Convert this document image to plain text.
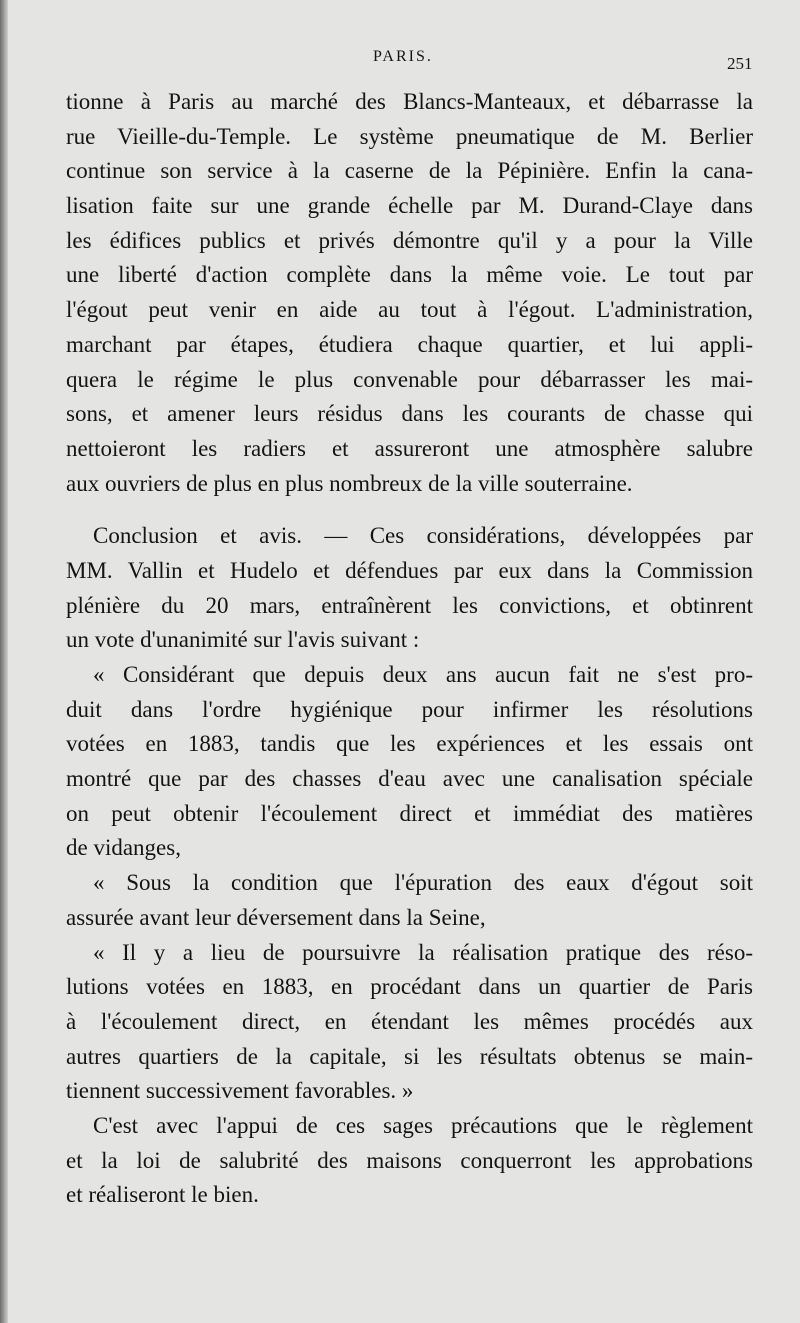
PARIS.	251
tionne à Paris au marché des Blancs-Manteaux, et débarrasse la
rue Vieille-du-Temple. Le système pneumatique de M. Berlier
continue son service à la caserne de la Pépinière. Enfin la cana-
lisation faite sur une grande échelle par M. Durand-Claye dans
les édifices publics et privés démontre qu'il y a pour la Ville
une liberté d'action complète dans la même voie. Le tout par
l'égout peut venir en aide au tout à l'égout. L'administration,
marchant par étapes, étudiera chaque quartier, et lui appli-
quera le régime le plus convenable pour débarrasser les mai-
sons, et amener leurs résidus dans les courants de chasse qui
nettoieront les radiers et assureront une atmosphère salubre
aux ouvriers de plus en plus nombreux de la ville souterraine.
Conclusion et avis. — Ces considérations, développées par
MM. Vallin et Hudelo et défendues par eux dans la Commission
plénière du 20 mars, entraînèrent les convictions, et obtinrent
un vote d'unanimité sur l'avis suivant :
« Considérant que depuis deux ans aucun fait ne s'est pro-
duit dans l'ordre hygiénique pour infirmer les résolutions
votées en 1883, tandis que les expériences et les essais ont
montré que par des chasses d'eau avec une canalisation spéciale
on peut obtenir l'écoulement direct et immédiat des matières
de vidanges,
« Sous la condition que l'épuration des eaux d'égout soit
assurée avant leur déversement dans la Seine,
« Il y a lieu de poursuivre la réalisation pratique des réso-
lutions votées en 1883, en procédant dans un quartier de Paris
à l'écoulement direct, en étendant les mêmes procédés aux
autres quartiers de la capitale, si les résultats obtenus se main-
tiennent successivement favorables. »
C'est avec l'appui de ces sages précautions que le règlement
et la loi de salubrité des maisons conquerront les approbations
et réaliseront le bien.
